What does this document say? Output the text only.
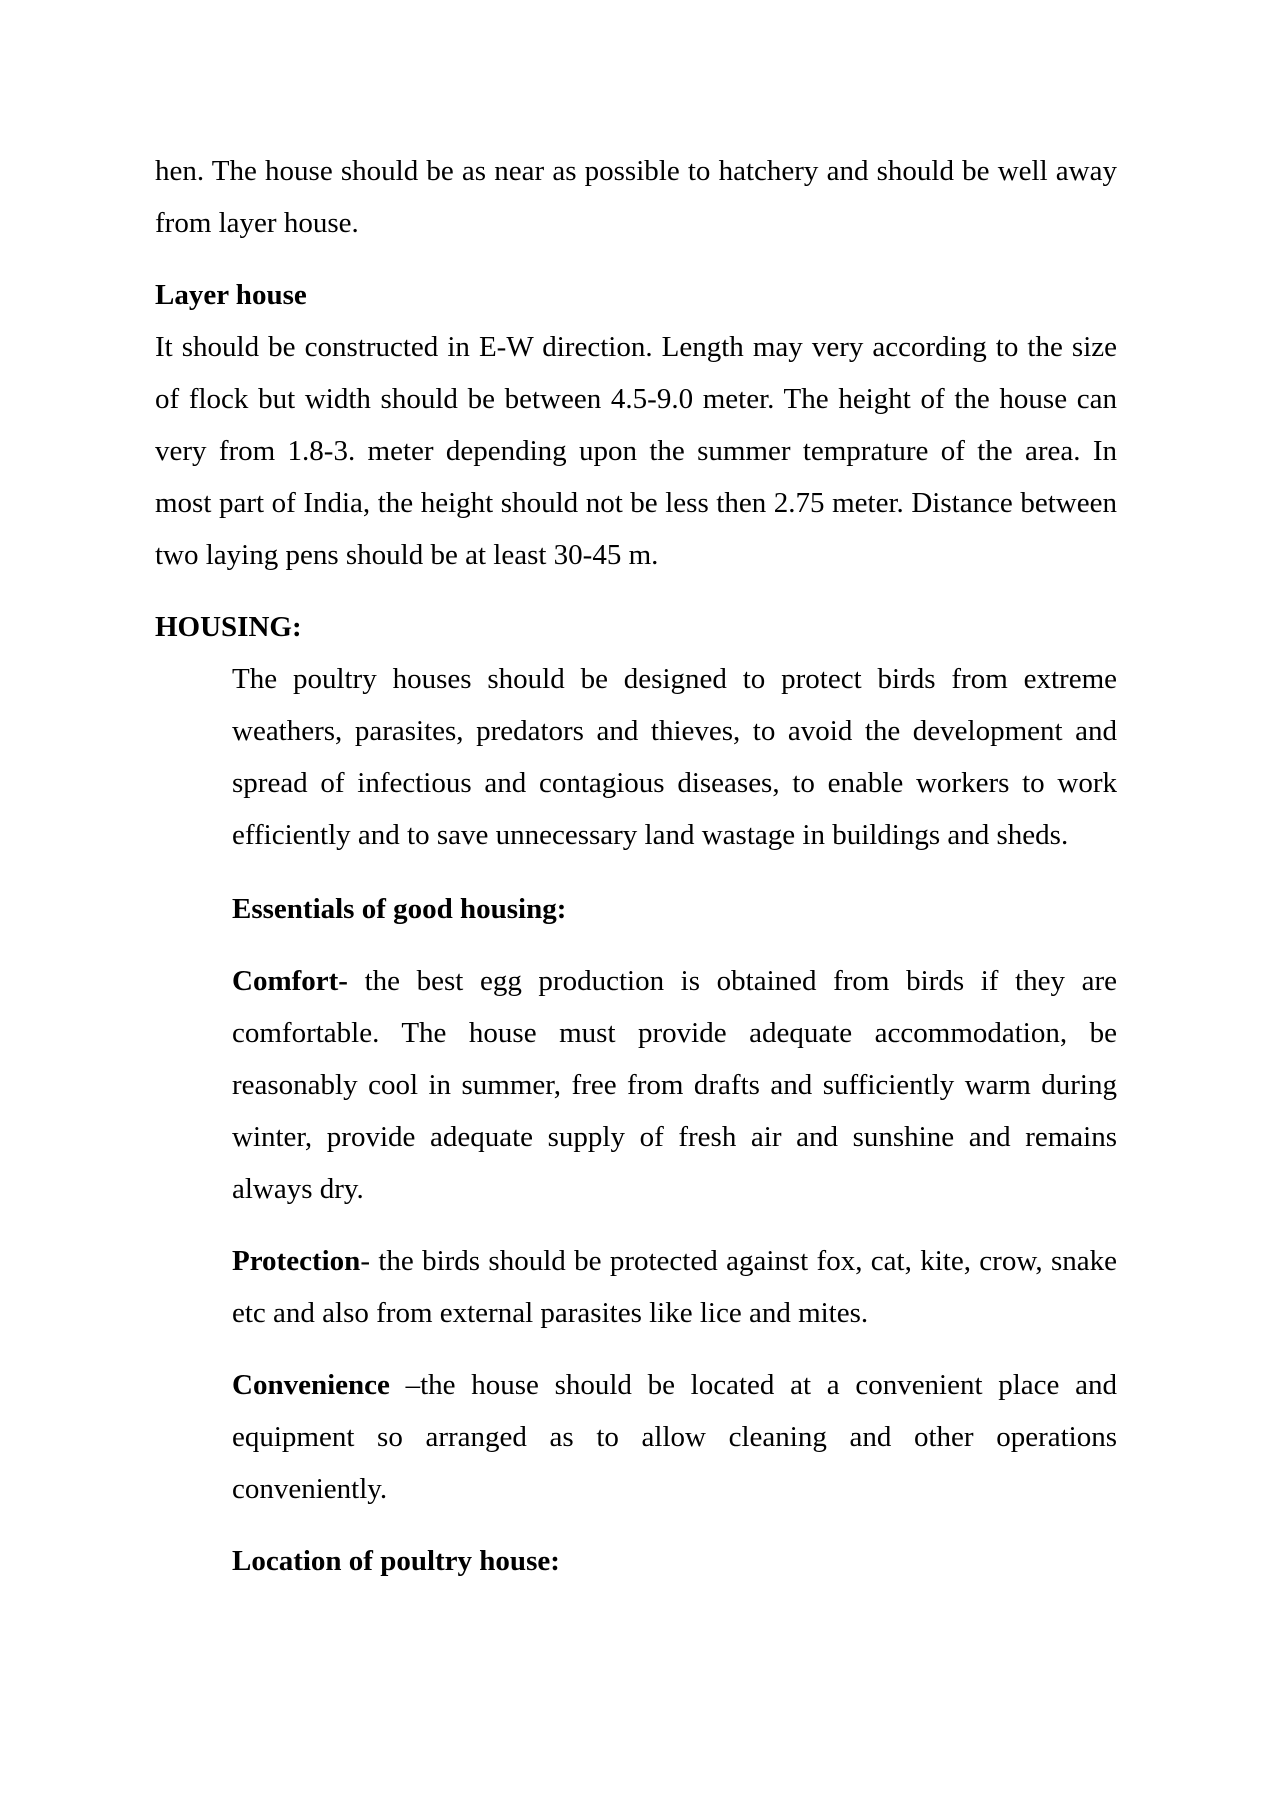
hen. The house should be as near as possible to hatchery and should be well away from layer house.

Layer house

It should be constructed in E-W direction. Length may very according to the size of flock but width should be between 4.5-9.0 meter. The height of the house can very from 1.8-3. meter depending upon the summer temprature of the area. In most part of India, the height should not be less then 2.75 meter. Distance between two laying pens should be at least 30-45 m.

HOUSING:

The poultry houses should be designed to protect birds from extreme weathers, parasites, predators and thieves, to avoid the development and spread of infectious and contagious diseases, to enable workers to work efficiently and to save unnecessary land wastage in buildings and sheds.

Essentials of good housing:

Comfort- the best egg production is obtained from birds if they are comfortable. The house must provide adequate accommodation, be reasonably cool in summer, free from drafts and sufficiently warm during winter, provide adequate supply of fresh air and sunshine and remains always dry.

Protection- the birds should be protected against fox, cat, kite, crow, snake etc and also from external parasites like lice and mites.

Convenience –the house should be located at a convenient place and equipment so arranged as to allow cleaning and other operations conveniently.

Location of poultry house:
